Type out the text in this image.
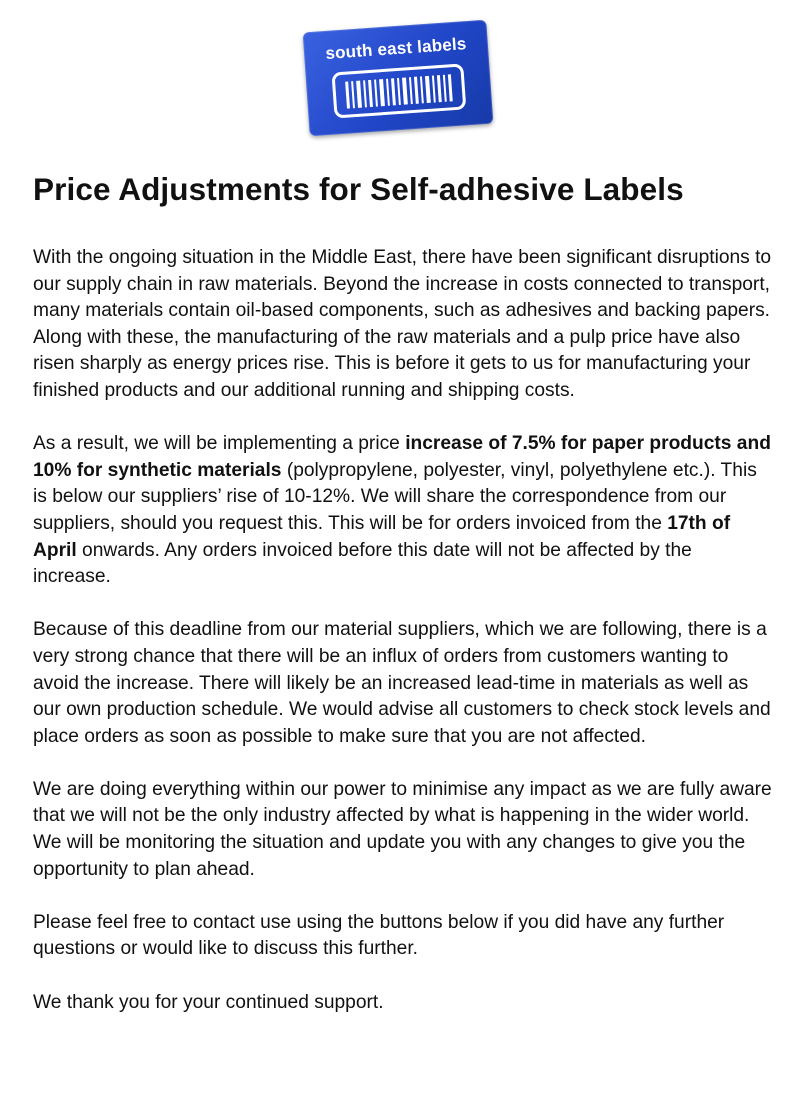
south east labels
Price Adjustments for Self-adhesive Labels

With the ongoing situation in the Middle East, there have been significant disruptions to our supply chain in raw materials. Beyond the increase in costs connected to transport, many materials contain oil-based components, such as adhesives and backing papers. Along with these, the manufacturing of the raw materials and a pulp price have also risen sharply as energy prices rise. This is before it gets to us for manufacturing your finished products and our additional running and shipping costs.

As a result, we will be implementing a price increase of 7.5% for paper products and 10% for synthetic materials (polypropylene, polyester, vinyl, polyethylene etc.). This is below our suppliers’ rise of 10-12%. We will share the correspondence from our suppliers, should you request this. This will be for orders invoiced from the 17th of April onwards. Any orders invoiced before this date will not be affected by the increase.

Because of this deadline from our material suppliers, which we are following, there is a very strong chance that there will be an influx of orders from customers wanting to avoid the increase. There will likely be an increased lead-time in materials as well as our own production schedule. We would advise all customers to check stock levels and place orders as soon as possible to make sure that you are not affected.

We are doing everything within our power to minimise any impact as we are fully aware that we will not be the only industry affected by what is happening in the wider world. We will be monitoring the situation and update you with any changes to give you the opportunity to plan ahead.

Please feel free to contact use using the buttons below if you did have any further questions or would like to discuss this further.

We thank you for your continued support.
